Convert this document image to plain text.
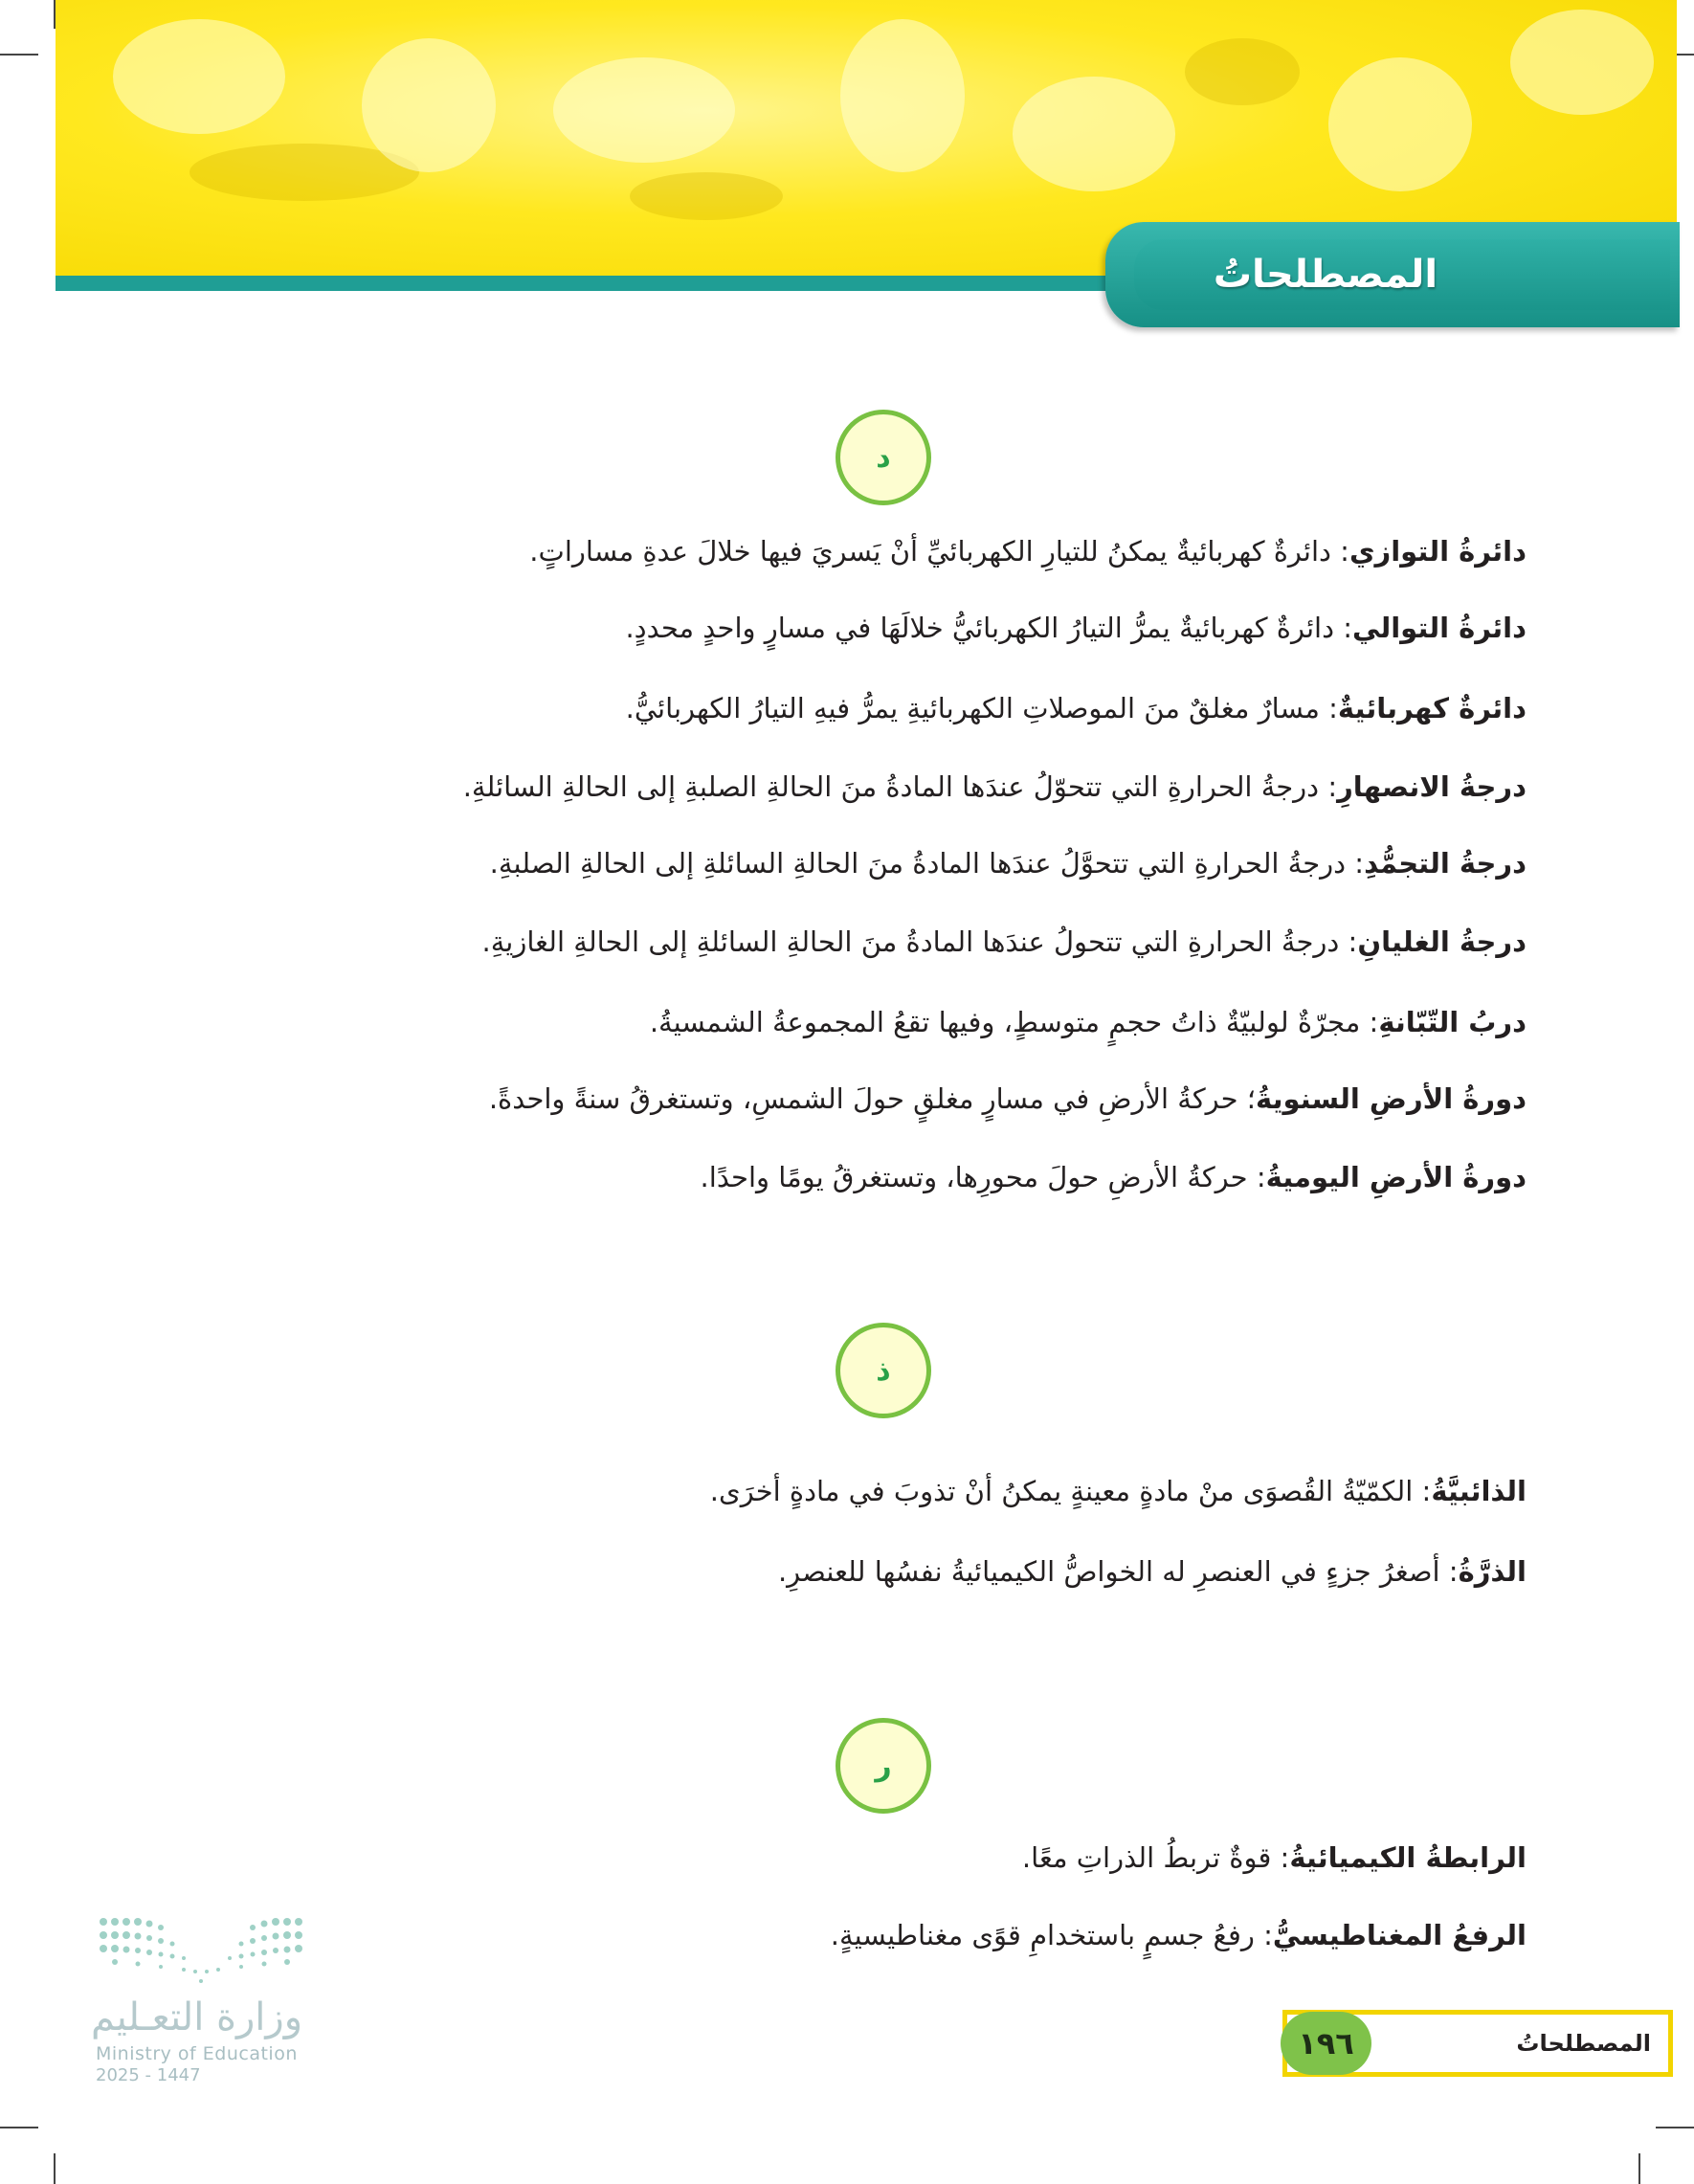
المصطلحاتُ
د
دائرةُ التوازي: دائرةٌ كهربائيةٌ يمكنُ للتيارِ الكهربائيِّ أنْ يَسريَ فيها خلالَ عدةِ مساراتٍ.
دائرةُ التوالي: دائرةٌ كهربائيةٌ يمرُّ التيارُ الكهربائيُّ خلالَهَا في مسارٍ واحدٍ محددٍ.
دائرةٌ كهربائيةٌ: مسارٌ مغلقٌ منَ الموصلاتِ الكهربائيةِ يمرُّ فيهِ التيارُ الكهربائيُّ.
درجةُ الانصهارِ: درجةُ الحرارةِ التي تتحوّلُ عندَها المادةُ منَ الحالةِ الصلبةِ إلى الحالةِ السائلةِ.
درجةُ التجمُّدِ: درجةُ الحرارةِ التي تتحوَّلُ عندَها المادةُ منَ الحالةِ السائلةِ إلى الحالةِ الصلبةِ.
درجةُ الغليانِ: درجةُ الحرارةِ التي تتحولُ عندَها المادةُ منَ الحالةِ السائلةِ إلى الحالةِ الغازيةِ.
دربُ التّبّانةِ: مجرّةٌ لولبيّةٌ ذاتُ حجمٍ متوسطٍ، وفيها تقعُ المجموعةُ الشمسيةُ.
دورةُ الأرضِ السنويةُ؛ حركةُ الأرضِ في مسارٍ مغلقٍ حولَ الشمسِ، وتستغرقُ سنةً واحدةً.
دورةُ الأرضِ اليوميةُ: حركةُ الأرضِ حولَ محورِها، وتستغرقُ يومًا واحدًا.
ذ
الذائبيَّةُ: الكمّيّةُ القُصوَى منْ مادةٍ معينةٍ يمكنُ أنْ تذوبَ في مادةٍ أخرَى.
الذرَّةُ: أصغرُ جزءٍ في العنصرِ له الخواصُّ الكيميائيةُ نفسُها للعنصرِ.
ر
الرابطةُ الكيميائيةُ: قوةٌ تربطُ الذراتِ معًا.
الرفعُ المغناطيسيُّ: رفعُ جسمٍ باستخدامِ قوًى مغناطيسيةٍ.
وزارة التعـليم
Ministry of Education
2025 - 1447
المصطلحاتُ
١٩٦
